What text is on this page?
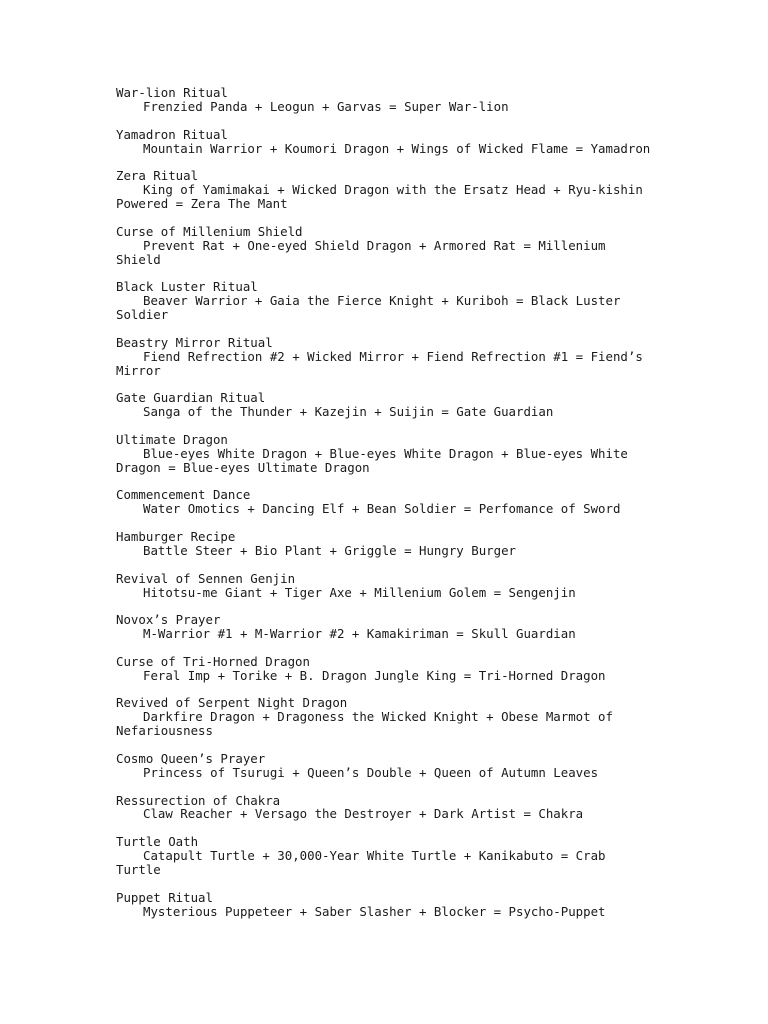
War-lion Ritual
Frenzied Panda + Leogun + Garvas = Super War-lion
Yamadron Ritual
Mountain Warrior + Koumori Dragon + Wings of Wicked Flame = Yamadron
Zera Ritual
King of Yamimakai + Wicked Dragon with the Ersatz Head + Ryu-kishin Powered = Zera The Mant
Curse of Millenium Shield
Prevent Rat + One-eyed Shield Dragon + Armored Rat = Millenium Shield
Black Luster Ritual
Beaver Warrior + Gaia the Fierce Knight + Kuriboh = Black Luster Soldier
Beastry Mirror Ritual
Fiend Refrection #2 + Wicked Mirror + Fiend Refrection #1 = Fiend’s Mirror
Gate Guardian Ritual
Sanga of the Thunder + Kazejin + Suijin = Gate Guardian
Ultimate Dragon
Blue-eyes White Dragon + Blue-eyes White Dragon + Blue-eyes White Dragon = Blue-eyes Ultimate Dragon
Commencement Dance
Water Omotics + Dancing Elf + Bean Soldier = Perfomance of Sword
Hamburger Recipe
Battle Steer + Bio Plant + Griggle = Hungry Burger
Revival of Sennen Genjin
Hitotsu-me Giant + Tiger Axe + Millenium Golem = Sengenjin
Novox’s Prayer
M-Warrior #1 + M-Warrior #2 + Kamakiriman = Skull Guardian
Curse of Tri-Horned Dragon
Feral Imp + Torike + B. Dragon Jungle King = Tri-Horned Dragon
Revived of Serpent Night Dragon
Darkfire Dragon + Dragoness the Wicked Knight + Obese Marmot of Nefariousness
Cosmo Queen’s Prayer
Princess of Tsurugi + Queen’s Double + Queen of Autumn Leaves
Ressurection of Chakra
Claw Reacher + Versago the Destroyer + Dark Artist = Chakra
Turtle Oath
Catapult Turtle + 30,000-Year White Turtle + Kanikabuto = Crab Turtle
Puppet Ritual
Mysterious Puppeteer + Saber Slasher + Blocker = Psycho-Puppet
